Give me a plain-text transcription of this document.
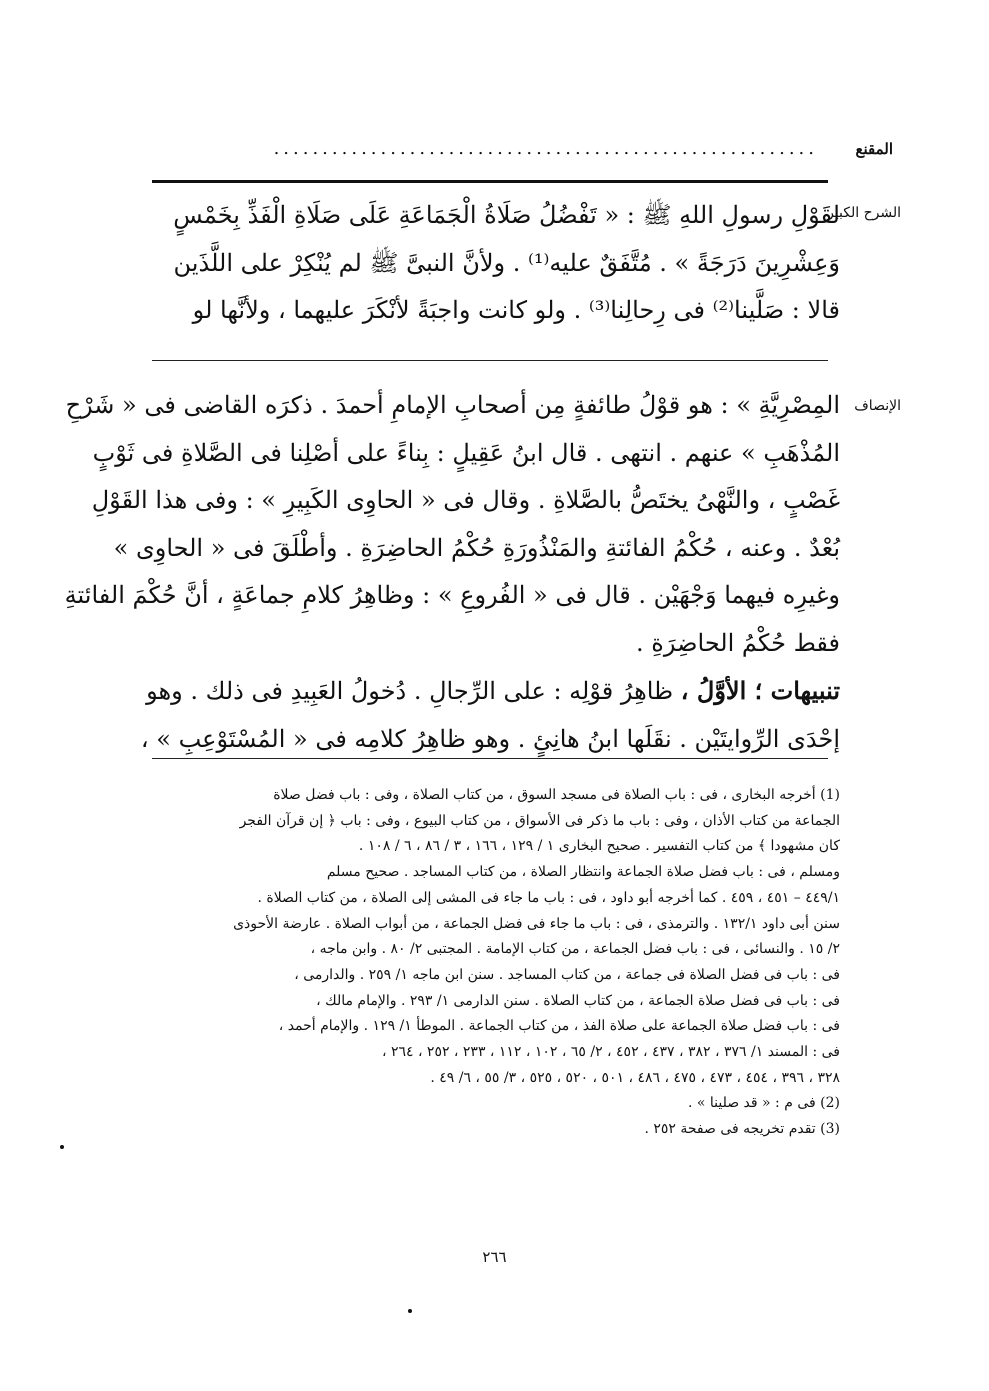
المقنع
........................................................
الشرح الكبير
لقَوْلِ رسولِ اللهِ ﷺ : « تَفْضُلُ صَلَاةُ الْجَمَاعَةِ عَلَى صَلَاةِ الْفَذِّ بِخَمْسٍ
وَعِشْرِينَ دَرَجَةً » . مُتَّفَقٌ عليه⁽¹⁾ . ولأنَّ النبىَّ ﷺ لم يُنْكِرْ على اللَّذَين
قالا : صَلَّينا⁽²⁾ فى رِحالِنا⁽³⁾ . ولو كانت واجبَةً لأنْكَرَ عليهما ، ولأنَّها لو
الإنصاف
المِصْرِيَّةِ » : هو قوْلُ طائفةٍ مِن أصحابِ الإمامِ أحمدَ . ذكرَه القاضى فى « شَرْحِ
المُذْهَبِ » عنهم . انتهى . قال ابنُ عَقِيلٍ : بِناءً على أصْلِنا فى الصَّلاةِ فى ثَوْبٍ
غَصْبٍ ، والنَّهْىُ يختَصُّ بالصَّلاةِ . وقال فى « الحاوِى الكَبِيرِ » : وفى هذا القَوْلِ
بُعْدٌ . وعنه ، حُكْمُ الفائتةِ والمَنْذُورَةِ حُكْمُ الحاضِرَةِ . وأطْلَقَ فى « الحاوِى »
وغيرِه فيهما وَجْهَيْن . قال فى « الفُروعِ » : وظاهِرُ كلامِ جماعَةٍ ، أنَّ حُكْمَ الفائتةِ
فقط حُكْمُ الحاضِرَةِ .
تنبيهات ؛ الأوَّلُ ، ظاهِرُ قوْلِه : على الرِّجالِ . دُخولُ العَبِيدِ فى ذلك . وهو
إحْدَى الرِّوايتَيْن . نقَلَها ابنُ هانِئٍ . وهو ظاهِرُ كلامِه فى « المُسْتَوْعِبِ » ،
(1) أخرجه البخارى ، فى : باب الصلاة فى مسجد السوق ، من كتاب الصلاة ، وفى : باب فضل صلاة
الجماعة من كتاب الأذان ، وفى : باب ما ذكر فى الأسواق ، من كتاب البيوع ، وفى : باب ﴿ إن قرآن الفجر
كان مشهودا ﴾ من كتاب التفسير . صحيح البخارى ١ / ١٢٩ ، ١٦٦ ، ٣ / ٨٦ ، ٦ / ١٠٨ .
ومسلم ، فى : باب فضل صلاة الجماعة وانتظار الصلاة ، من كتاب المساجد . صحيح مسلم
٤٤٩/١ – ٤٥١ ، ٤٥٩ . كما أخرجه أبو داود ، فى : باب ما جاء فى المشى إلى الصلاة ، من كتاب الصلاة .
سنن أبى داود ١٣٢/١ . والترمذى ، فى : باب ما جاء فى فضل الجماعة ، من أبواب الصلاة . عارضة الأحوذى
٢/ ١٥ . والنسائى ، فى : باب فضل الجماعة ، من كتاب الإمامة . المجتبى ٢/ ٨٠ . وابن ماجه ،
فى : باب فى فضل الصلاة فى جماعة ، من كتاب المساجد . سنن ابن ماجه ١/ ٢٥٩ . والدارمى ،
فى : باب فى فضل صلاة الجماعة ، من كتاب الصلاة . سنن الدارمى ١/ ٢٩٣ . والإمام مالك ،
فى : باب فضل صلاة الجماعة على صلاة الفذ ، من كتاب الجماعة . الموطأ ١/ ١٢٩ . والإمام أحمد ،
فى : المسند ١/ ٣٧٦ ، ٣٨٢ ، ٤٣٧ ، ٤٥٢ ، ٢/ ٦٥ ، ١٠٢ ، ١١٢ ، ٢٣٣ ، ٢٥٢ ، ٢٦٤ ،
٣٢٨ ، ٣٩٦ ، ٤٥٤ ، ٤٧٣ ، ٤٧٥ ، ٤٨٦ ، ٥٠١ ، ٥٢٠ ، ٥٢٥ ، ٣/ ٥٥ ، ٦/ ٤٩ .
(2) فى م : « قد صلينا » .
(3) تقدم تخريجه فى صفحة ٢٥٢ .
٢٦٦
